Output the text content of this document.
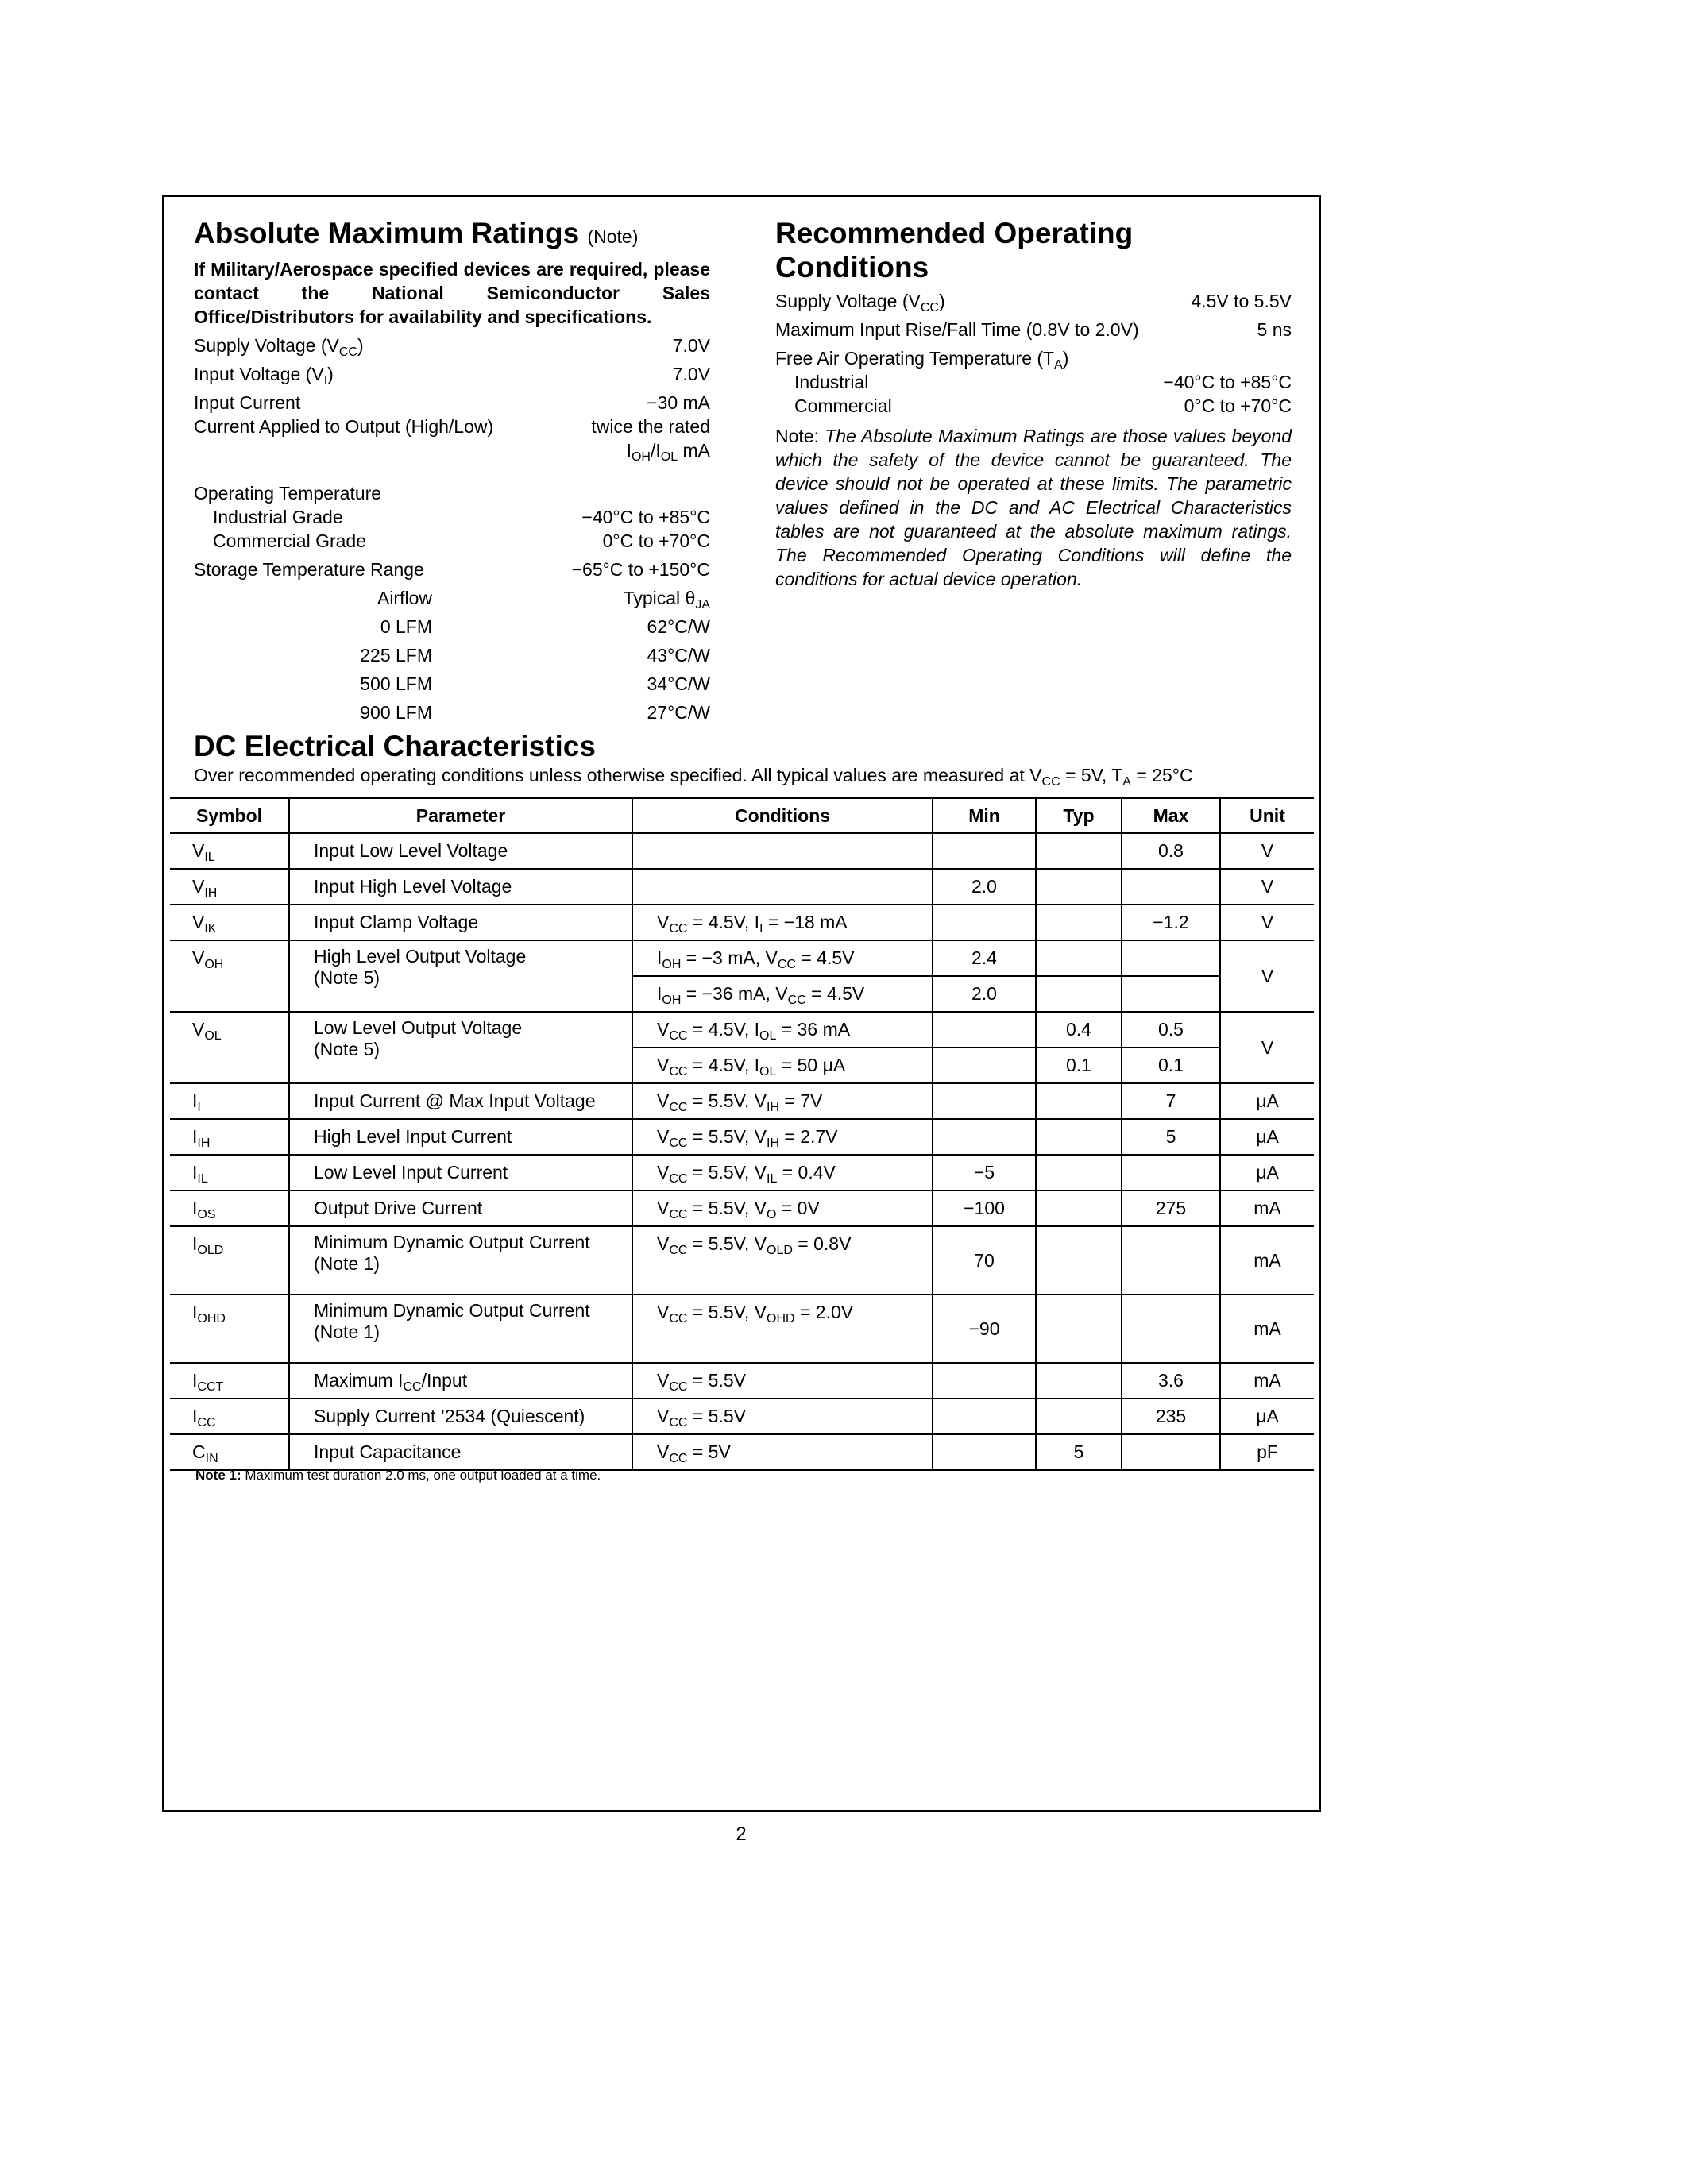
Absolute Maximum Ratings (Note)
If Military/Aerospace specified devices are required, please contact the National Semiconductor Sales Office/Distributors for availability and specifications.
Supply Voltage $(V_{CC})$	7.0V
Input Voltage $(V_I)$	7.0V
Input Current	−30 mA
Current Applied to Output (High/Low)	twice the rated
$I_{OH}/I_{OL}$ mA
Operating Temperature
Industrial Grade	−40°C to +85°C
Commercial Grade	0°C to +70°C
Storage Temperature Range	−65°C to +150°C
Airflow	Typical $\theta_{JA}$
0 LFM	62°C/W
225 LFM	43°C/W
500 LFM	34°C/W
900 LFM	27°C/W
Recommended Operating
Conditions
Supply Voltage $(V_{CC})$	4.5V to 5.5V
Maximum Input Rise/Fall Time (0.8V to 2.0V)	5 ns
Free Air Operating Temperature $(T_A)$
Industrial	−40°C to +85°C
Commercial	0°C to +70°C
Note: The Absolute Maximum Ratings are those values beyond which the safety of the device cannot be guaranteed. The device should not be operated at these limits. The parametric values defined in the DC and AC Electrical Characteristics tables are not guaranteed at the absolute maximum ratings. The Recommended Operating Conditions will define the conditions for actual device operation.
DC Electrical Characteristics
Over recommended operating conditions unless otherwise specified. All typical values are measured at $V_{CC} = 5V$, $T_A = 25^\circ C$
Symbol	Parameter	Conditions	Min	Typ	Max	Unit
$V_{IL}$	Input Low Level Voltage				0.8	V
$V_{IH}$	Input High Level Voltage		2.0			V
$V_{IK}$	Input Clamp Voltage	$V_{CC} = 4.5V$, $I_I = -18$ mA			−1.2	V
$V_{OH}$	High Level Output Voltage
(Note 5)	$I_{OH} = -3$ mA, $V_{CC} = 4.5V$	2.4			V
		$I_{OH} = -36$ mA, $V_{CC} = 4.5V$	2.0			
$V_{OL}$	Low Level Output Voltage
(Note 5)	$V_{CC} = 4.5V$, $I_{OL} = 36$ mA		0.4	0.5	V
		$V_{CC} = 4.5V$, $I_{OL} = 50$ μA		0.1	0.1	
$I_I$	Input Current @ Max Input Voltage	$V_{CC} = 5.5V$, $V_{IH} = 7V$			7	μA
$I_{IH}$	High Level Input Current	$V_{CC} = 5.5V$, $V_{IH} = 2.7V$			5	μA
$I_{IL}$	Low Level Input Current	$V_{CC} = 5.5V$, $V_{IL} = 0.4V$	−5			μA
$I_{OS}$	Output Drive Current	$V_{CC} = 5.5V$, $V_O = 0V$	−100		275	mA
$I_{OLD}$	Minimum Dynamic Output Current
(Note 1)	$V_{CC} = 5.5V$, $V_{OLD} = 0.8V$	70			mA
$I_{OHD}$	Minimum Dynamic Output Current
(Note 1)	$V_{CC} = 5.5V$, $V_{OHD} = 2.0V$	−90			mA
$I_{CCT}$	Maximum $I_{CC}$/Input	$V_{CC} = 5.5V$			3.6	mA
$I_{CC}$	Supply Current ’2534 (Quiescent)	$V_{CC} = 5.5V$			235	μA
$C_{IN}$	Input Capacitance	$V_{CC} = 5V$		5		pF
Note 1: Maximum test duration 2.0 ms, one output loaded at a time.
2
